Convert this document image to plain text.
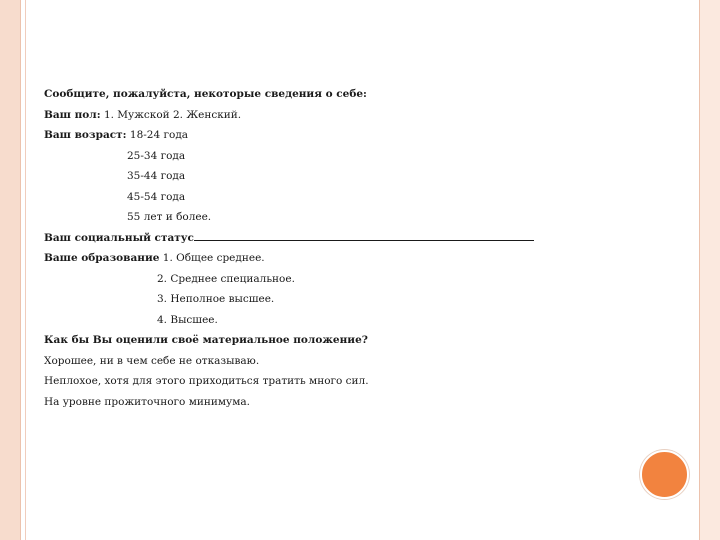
Сообщите, пожалуйста, некоторые сведения о себе:
Ваш пол: 1. Мужской 2. Женский.
Ваш возраст: 18-24 года
25-34 года
35-44 года
45-54 года
55 лет и более.
Ваш социальный статус
Ваше образование 1. Общее среднее.
2. Среднее специальное.
3. Неполное высшее.
4. Высшее.
Как бы Вы оценили своё материальное положение?
Хорошее, ни в чем себе не отказываю.
Неплохое, хотя для этого приходиться тратить много сил.
На уровне прожиточного минимума.
